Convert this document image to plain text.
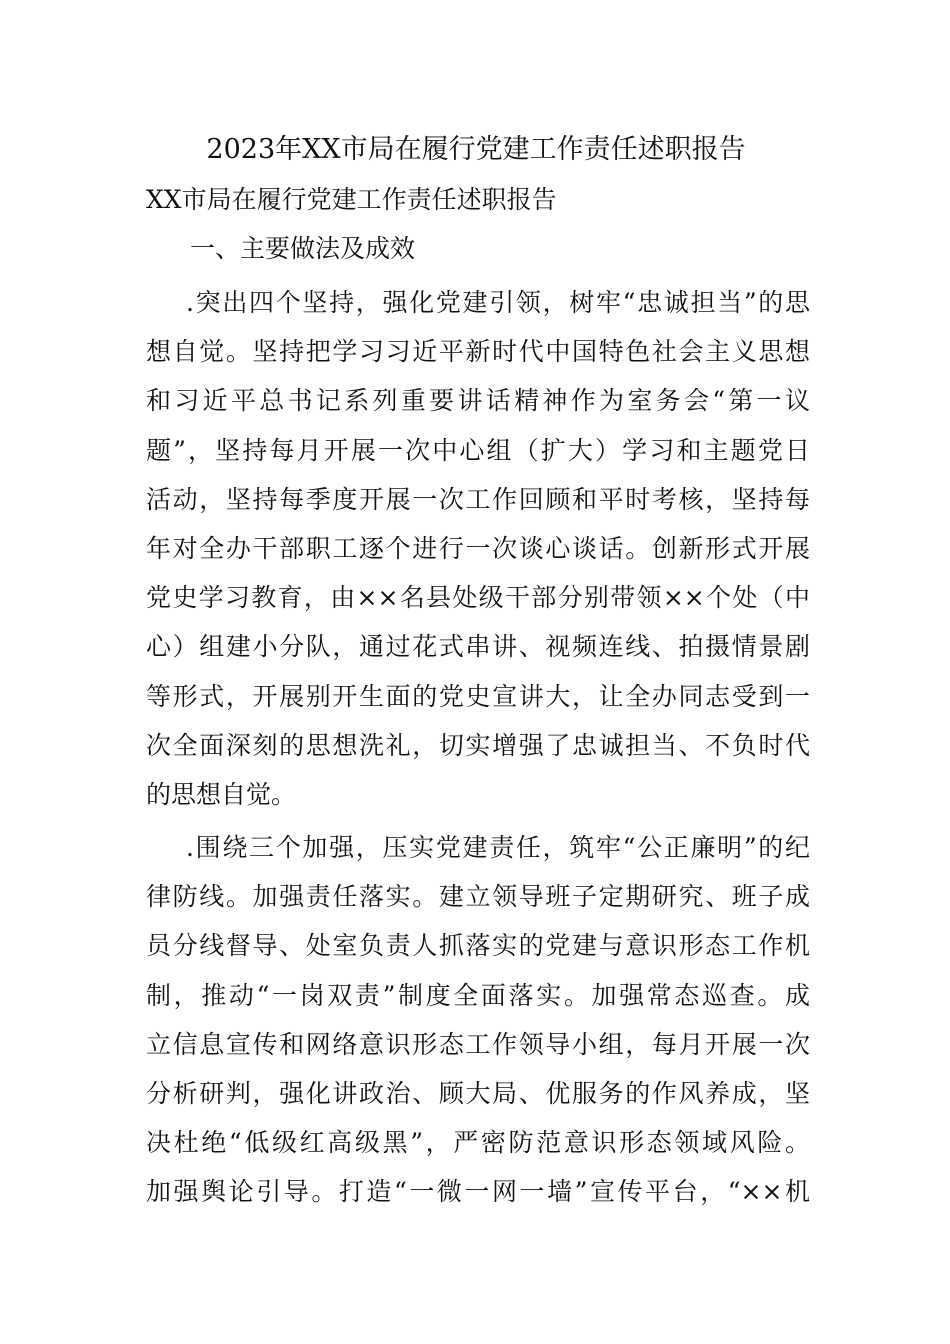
2023年XX市局在履行党建工作责任述职报告

XX市局在履行党建工作责任述职报告

一、主要做法及成效
.突出四个坚持，强化党建引领，树牢“忠诚担当”的思
想自觉。坚持把学习习近平新时代中国特色社会主义思想
和习近平总书记系列重要讲话精神作为室务会“第一议
题”，坚持每月开展一次中心组（扩大）学习和主题党日
活动，坚持每季度开展一次工作回顾和平时考核，坚持每
年对全办干部职工逐个进行一次谈心谈话。创新形式开展
党史学习教育，由××名县处级干部分别带领××个处（中
心）组建小分队，通过花式串讲、视频连线、拍摄情景剧
等形式，开展别开生面的党史宣讲大，让全办同志受到一
次全面深刻的思想洗礼，切实增强了忠诚担当、不负时代
的思想自觉。
.围绕三个加强，压实党建责任，筑牢“公正廉明”的纪
律防线。加强责任落实。建立领导班子定期研究、班子成
员分线督导、处室负责人抓落实的党建与意识形态工作机
制，推动“一岗双责”制度全面落实。加强常态巡查。成
立信息宣传和网络意识形态工作领导小组，每月开展一次
分析研判，强化讲政治、顾大局、优服务的作风养成，坚
决杜绝“低级红高级黑”，严密防范意识形态领域风险。
加强舆论引导。打造“一微一网一墙”宣传平台，“××机
